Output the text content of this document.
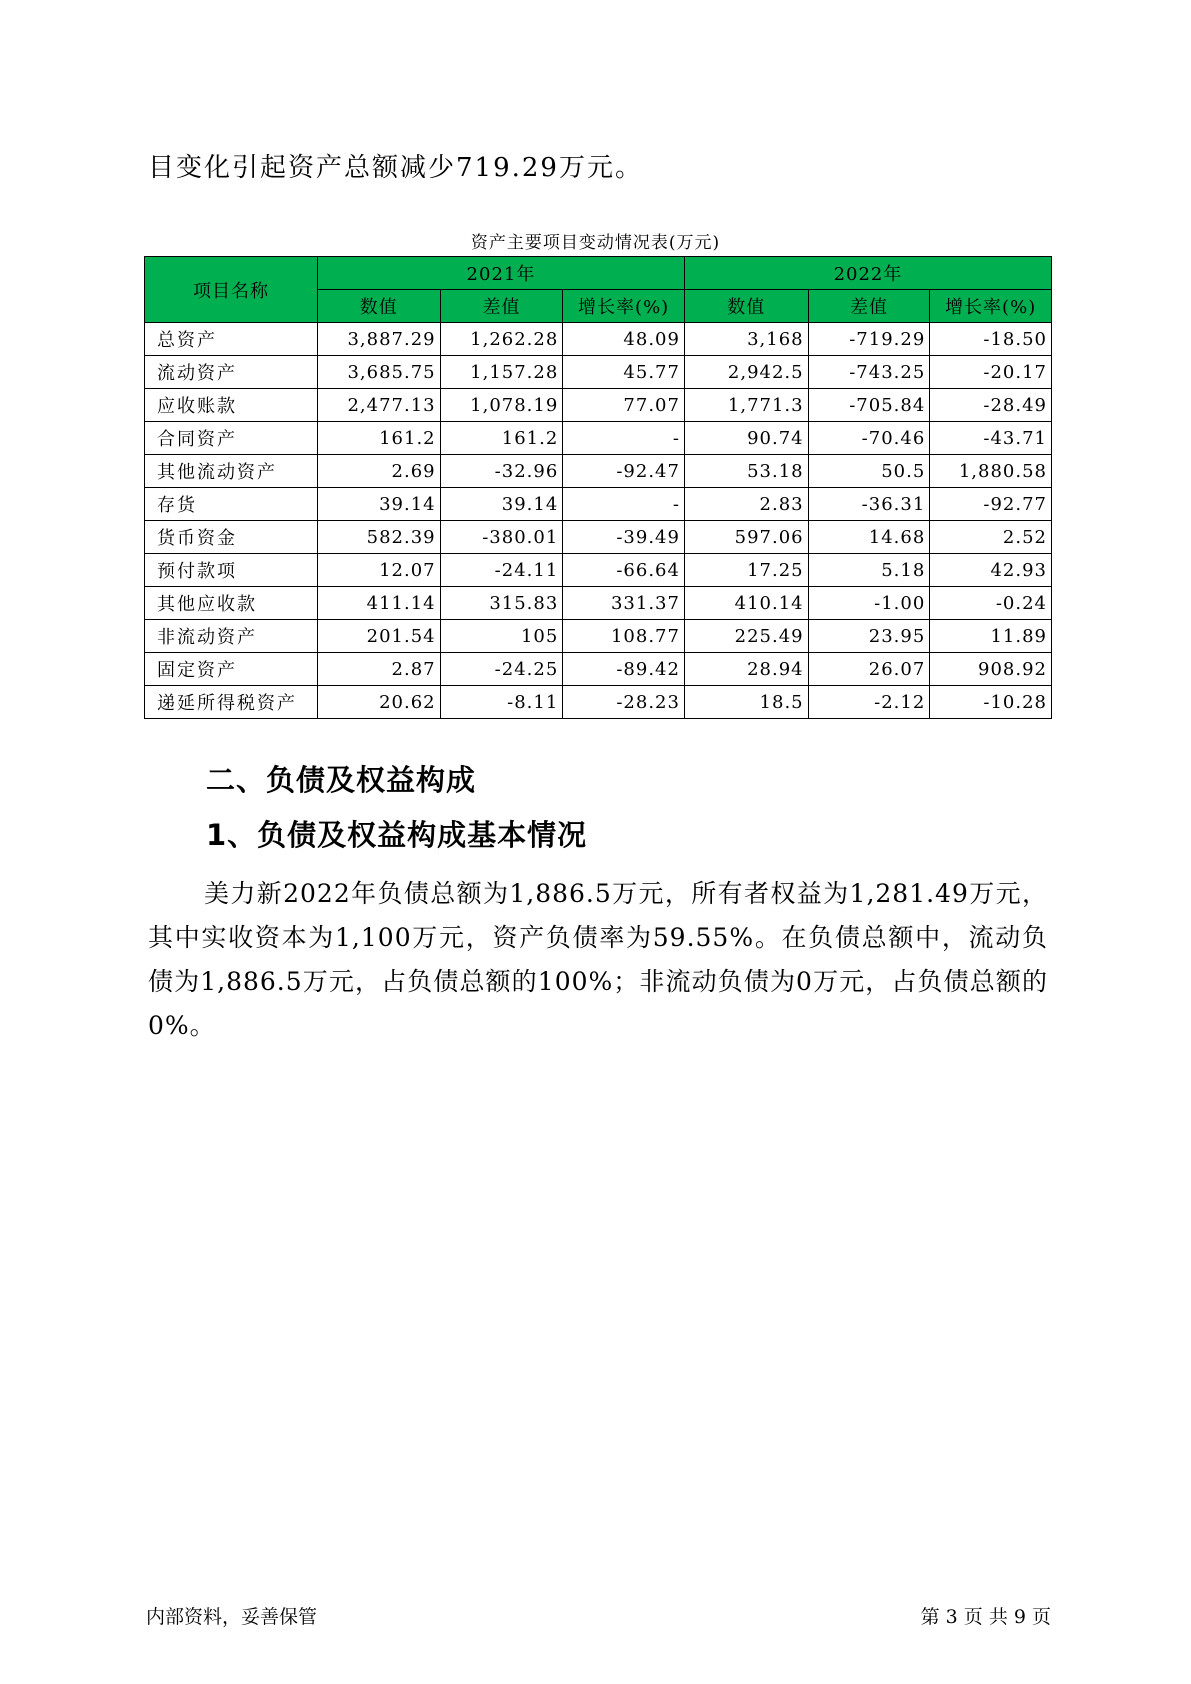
目变化引起资产总额减少719.29万元。
资产主要项目变动情况表(万元)
项目名称	2021年			2022年		
	数值	差值	增长率(%)	数值	差值	增长率(%)
总资产	3,887.29	1,262.28	48.09	3,168	-719.29	-18.50
流动资产	3,685.75	1,157.28	45.77	2,942.5	-743.25	-20.17
应收账款	2,477.13	1,078.19	77.07	1,771.3	-705.84	-28.49
合同资产	161.2	161.2	-	90.74	-70.46	-43.71
其他流动资产	2.69	-32.96	-92.47	53.18	50.5	1,880.58
存货	39.14	39.14	-	2.83	-36.31	-92.77
货币资金	582.39	-380.01	-39.49	597.06	14.68	2.52
预付款项	12.07	-24.11	-66.64	17.25	5.18	42.93
其他应收款	411.14	315.83	331.37	410.14	-1.00	-0.24
非流动资产	201.54	105	108.77	225.49	23.95	11.89
固定资产	2.87	-24.25	-89.42	28.94	26.07	908.92
递延所得税资产	20.62	-8.11	-28.23	18.5	-2.12	-10.28
二、负债及权益构成
1、负债及权益构成基本情况
美力新2022年负债总额为1,886.5万元，所有者权益为1,281.49万元，其中实收资本为1,100万元，资产负债率为59.55%。在负债总额中，流动负债为1,886.5万元，占负债总额的100%；非流动负债为0万元，占负债总额的0%。
内部资料，妥善保管	第 3 页 共 9 页
